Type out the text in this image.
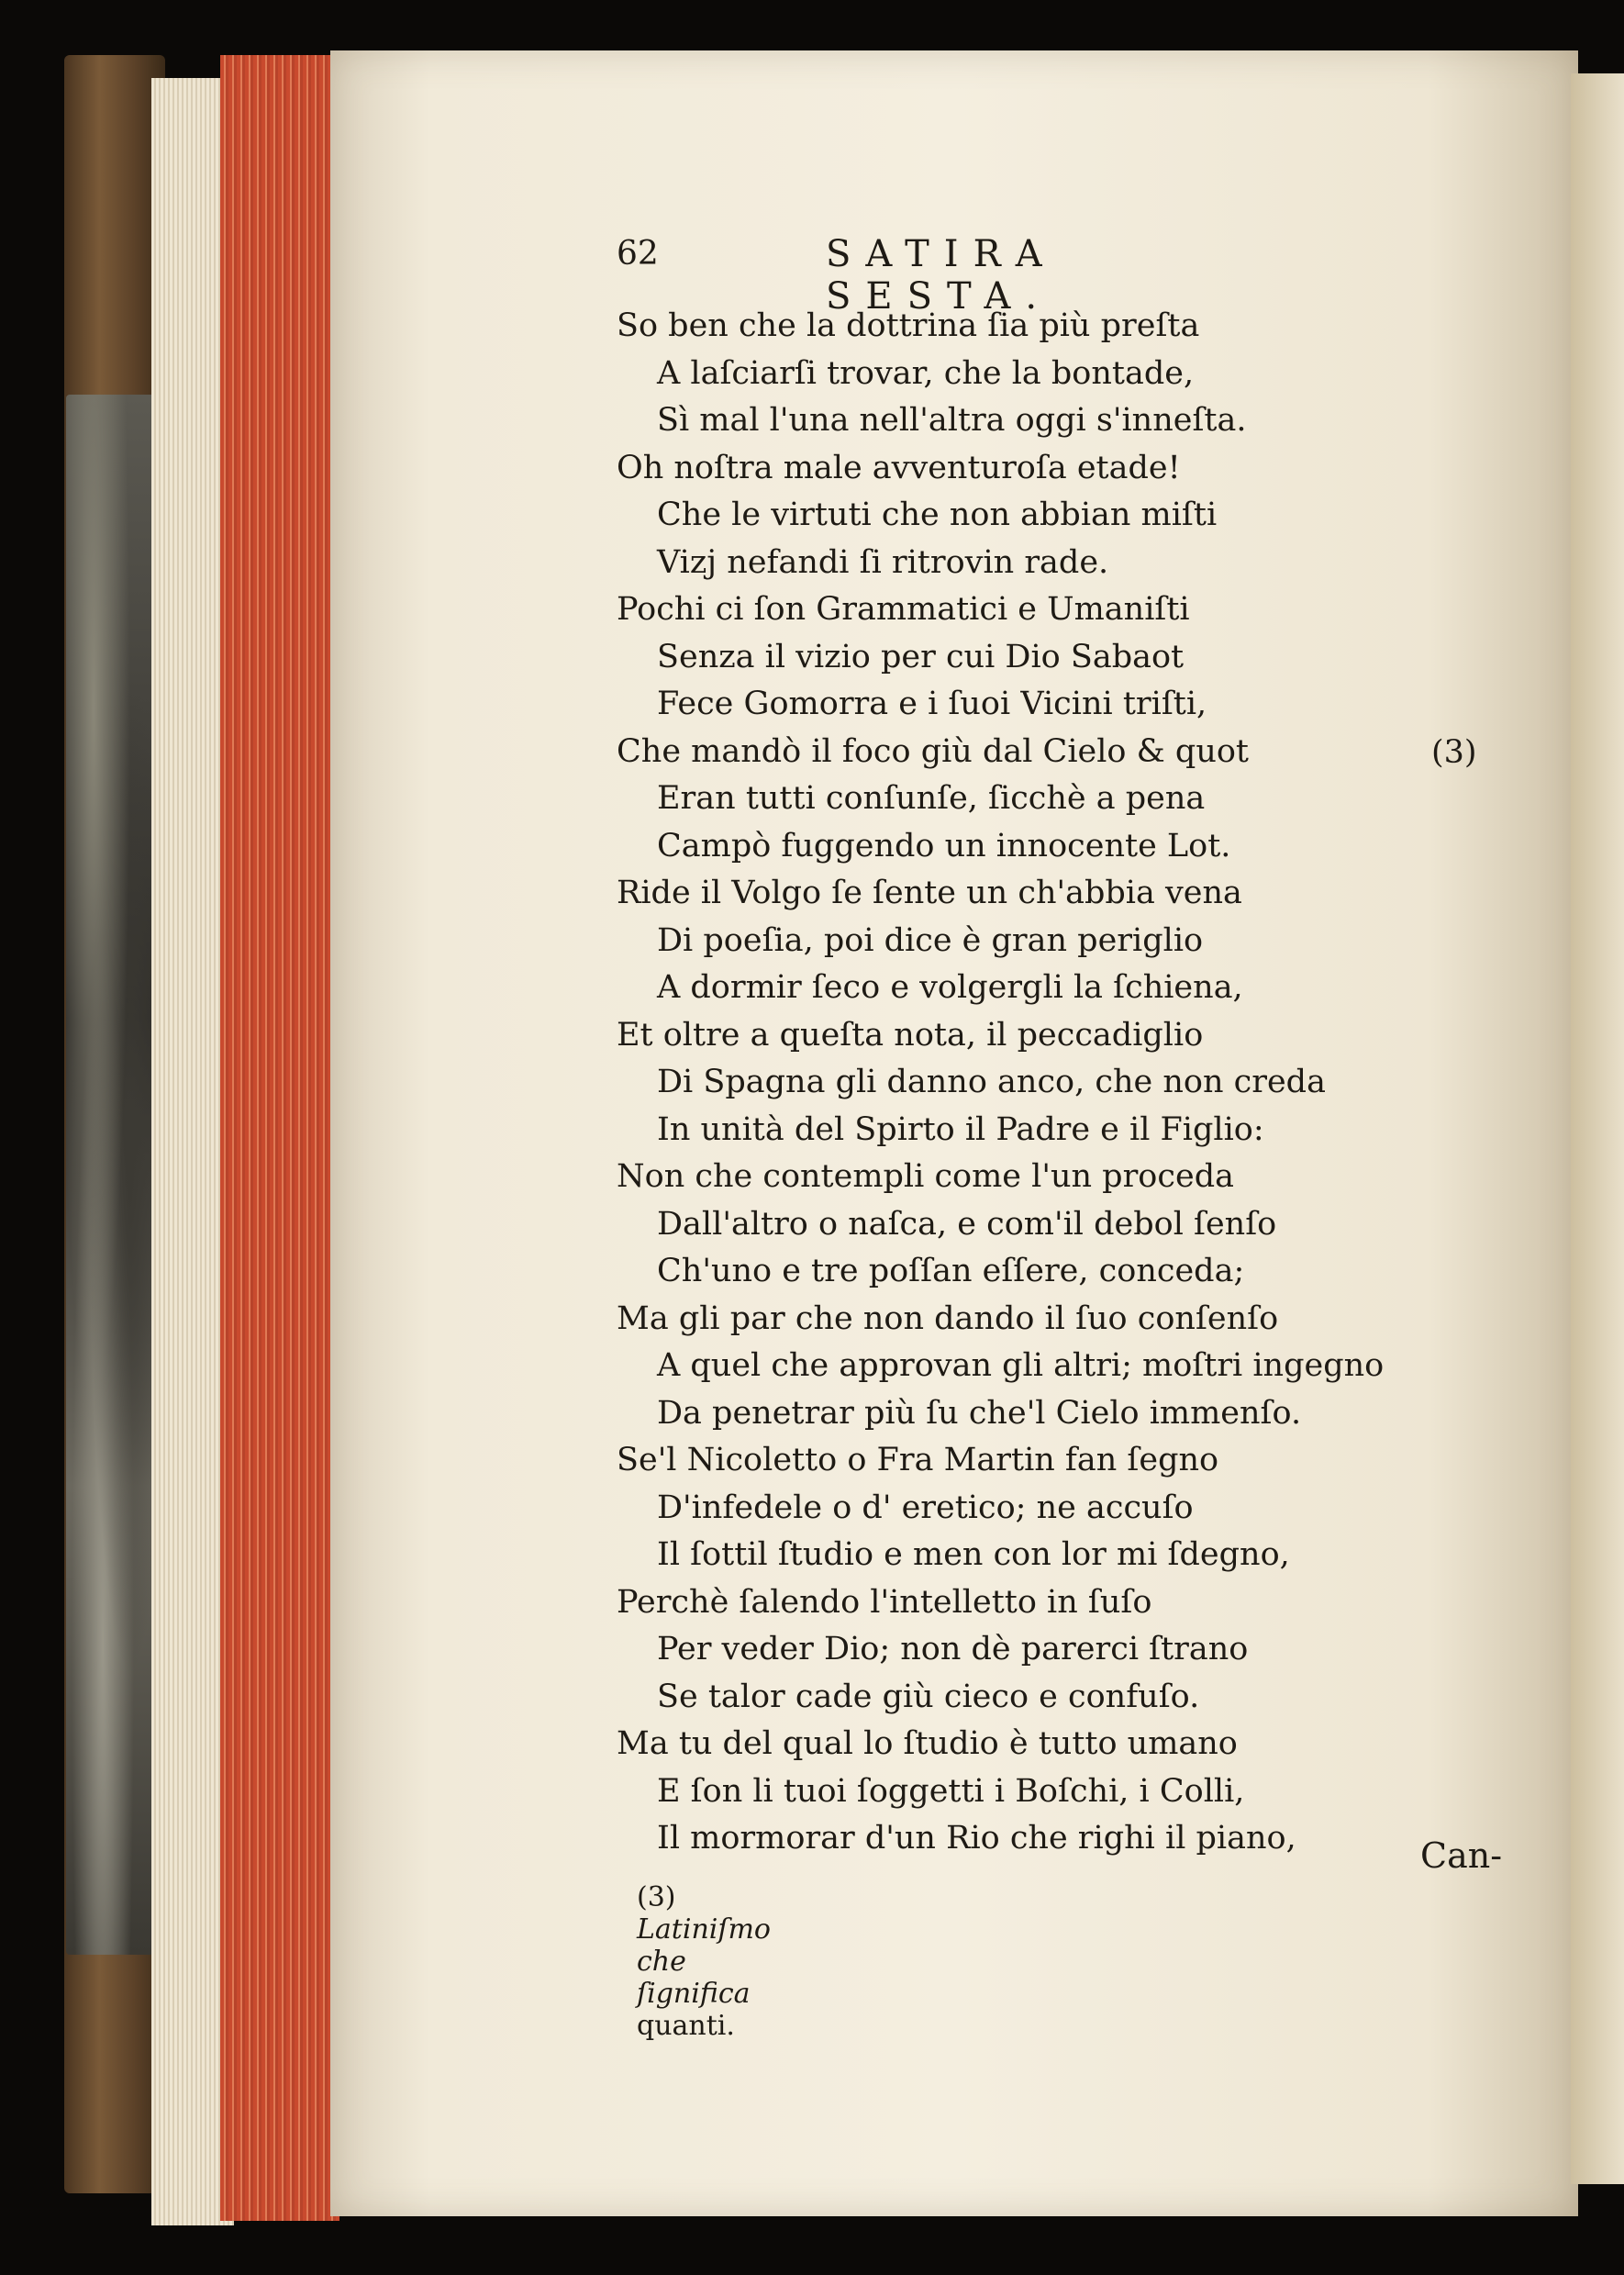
62	SATIRA SESTA.
So ben che la dottrina ſia più preſta
A laſciarſi trovar, che la bontade,
Sì mal l'una nell'altra oggi s'inneſta.
Oh noſtra male avventuroſa etade!
Che le virtuti che non abbian miſti
Vizj nefandi ſi ritrovin rade.
Pochi ci ſon Grammatici e Umaniſti
Senza il vizio per cui Dio Sabaot
Fece Gomorra e i ſuoi Vicini triſti,
Che mandò il foco giù dal Cielo & quot
Eran tutti conſunſe, ſicchè a pena
Campò fuggendo un innocente Lot.
Ride il Volgo ſe ſente un ch'abbia vena
Di poeſia, poi dice è gran periglio
A dormir ſeco e volgergli la ſchiena,
Et oltre a queſta nota, il peccadiglio
Di Spagna gli danno anco, che non creda
In unità del Spirto il Padre e il Figlio:
Non che contempli come l'un proceda
Dall'altro o naſca, e com'il debol ſenſo
Ch'uno e tre poſſan eſſere, conceda;
Ma gli par che non dando il ſuo conſenſo
A quel che approvan gli altri; moſtri ingegno
Da penetrar più ſu che'l Cielo immenſo.
Se'l Nicoletto o Fra Martin fan ſegno
D'infedele o d' eretico; ne accuſo
Il ſottil ſtudio e men con lor mi ſdegno,
Perchè ſalendo l'intelletto in ſuſo
Per veder Dio; non dè parerci ſtrano
Se talor cade giù cieco e confuſo.
Ma tu del qual lo ſtudio è tutto umano
E ſon li tuoi ſoggetti i Boſchi, i Colli,
Il mormorar d'un Rio che righi il piano,
(3)
Can-
(3) Latiniſmo che ſignifica quanti.
